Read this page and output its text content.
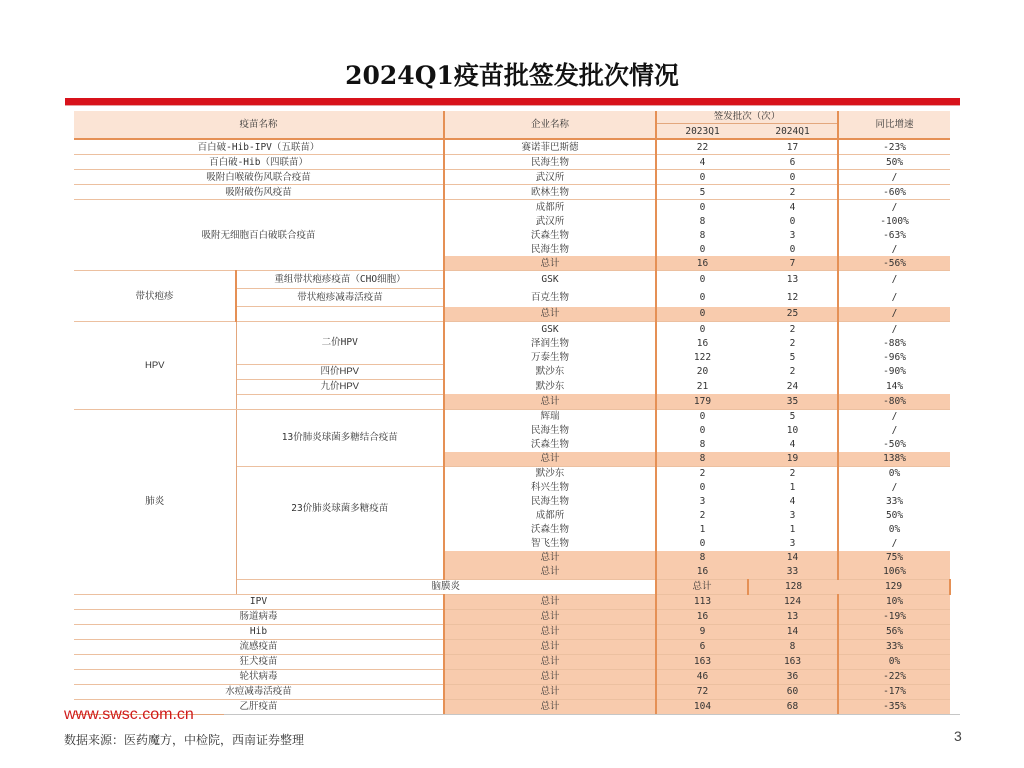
2024Q1疫苗批签发批次情况
疫苗名称		企业名称	签发批次（次）		同比增速	
			2023Q1	2024Q1		
百白破-Hib-IPV（五联苗）		赛诺菲巴斯德	22	17	-23%	
百白破-Hib（四联苗）		民海生物	4	6	50%	
吸附白喉破伤风联合疫苗		武汉所	0	0	/	
吸附破伤风疫苗		欧林生物	5	2	-60%	
吸附无细胞百白破联合疫苗		成都所	0	4	/	
		武汉所	8	0	-100%	
		沃森生物	8	3	-63%	
		民海生物	0	0	/	
		总计	16	7	-56%	
带状疱疹	重组带状疱疹疫苗（CHO细胞）	GSK	0	13	/	
	带状疱疹减毒活疫苗	百克生物	0	12	/	
		总计	0	25	/	
HPV	二价HPV	GSK	0	2	/	
		泽润生物	16	2	-88%	
		万泰生物	122	5	-96%	
	四价HPV	默沙东	20	2	-90%	
	九价HPV	默沙东	21	24	14%	
		总计	179	35	-80%	
肺炎	13价肺炎球菌多糖结合疫苗	辉瑞	0	5	/	
		民海生物	0	10	/	
		沃森生物	8	4	-50%	
		总计	8	19	138%	
	23价肺炎球菌多糖疫苗	默沙东	2	2	0%	
		科兴生物	0	1	/	
		民海生物	3	4	33%	
		成都所	2	3	50%	
		沃森生物	1	1	0%	
		智飞生物	0	3	/	
		总计	8	14	75%	
		总计	16	33	106%	
	脑膜炎		总计	128	129	
IPV		总计	113	124	10%	
肠道病毒		总计	16	13	-19%	
Hib		总计	9	14	56%	
流感疫苗		总计	6	8	33%	
狂犬疫苗		总计	163	163	0%	
轮状病毒		总计	46	36	-22%	
水痘减毒活疫苗		总计	72	60	-17%	
乙肝疫苗		总计	104	68	-35%	
www.swsc.com.cn
数据来源：医药魔方，中检院，西南证券整理	3
